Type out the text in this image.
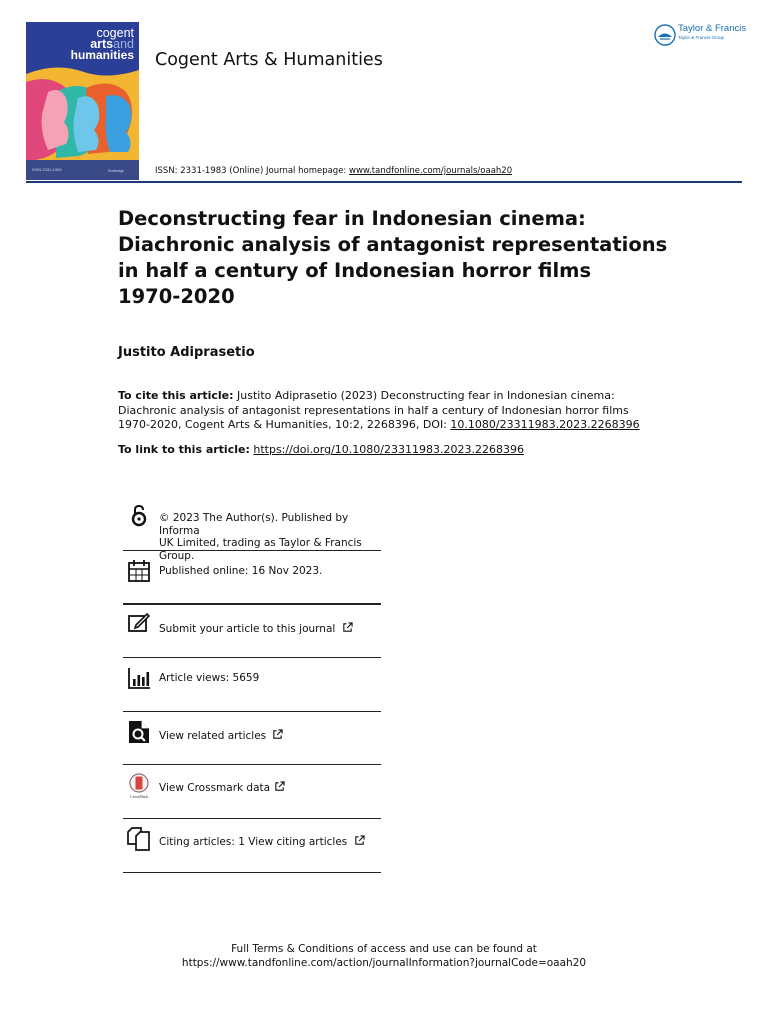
cogent
artsand
humanities
ISSN 2331-1983	Routledge
Cogent Arts & Humanities
Taylor & Francis
Taylor & Francis Group
ISSN: 2331-1983 (Online) Journal homepage: www.tandfonline.com/journals/oaah20
Deconstructing fear in Indonesian cinema:
Diachronic analysis of antagonist representations
in half a century of Indonesian horror films
1970-2020
Justito Adiprasetio
To cite this article: Justito Adiprasetio (2023) Deconstructing fear in Indonesian cinema: Diachronic analysis of antagonist representations in half a century of Indonesian horror films 1970-2020, Cogent Arts & Humanities, 10:2, 2268396, DOI: 10.1080/23311983.2023.2268396
To link to this article: https://doi.org/10.1080/23311983.2023.2268396
© 2023 The Author(s). Published by Informa
UK Limited, trading as Taylor & Francis
Group.
Published online: 16 Nov 2023.
Submit your article to this journal
Article views: 5659
View related articles
CrossMark
View Crossmark data
Citing articles: 1 View citing articles
Full Terms & Conditions of access and use can be found at
https://www.tandfonline.com/action/journalInformation?journalCode=oaah20
